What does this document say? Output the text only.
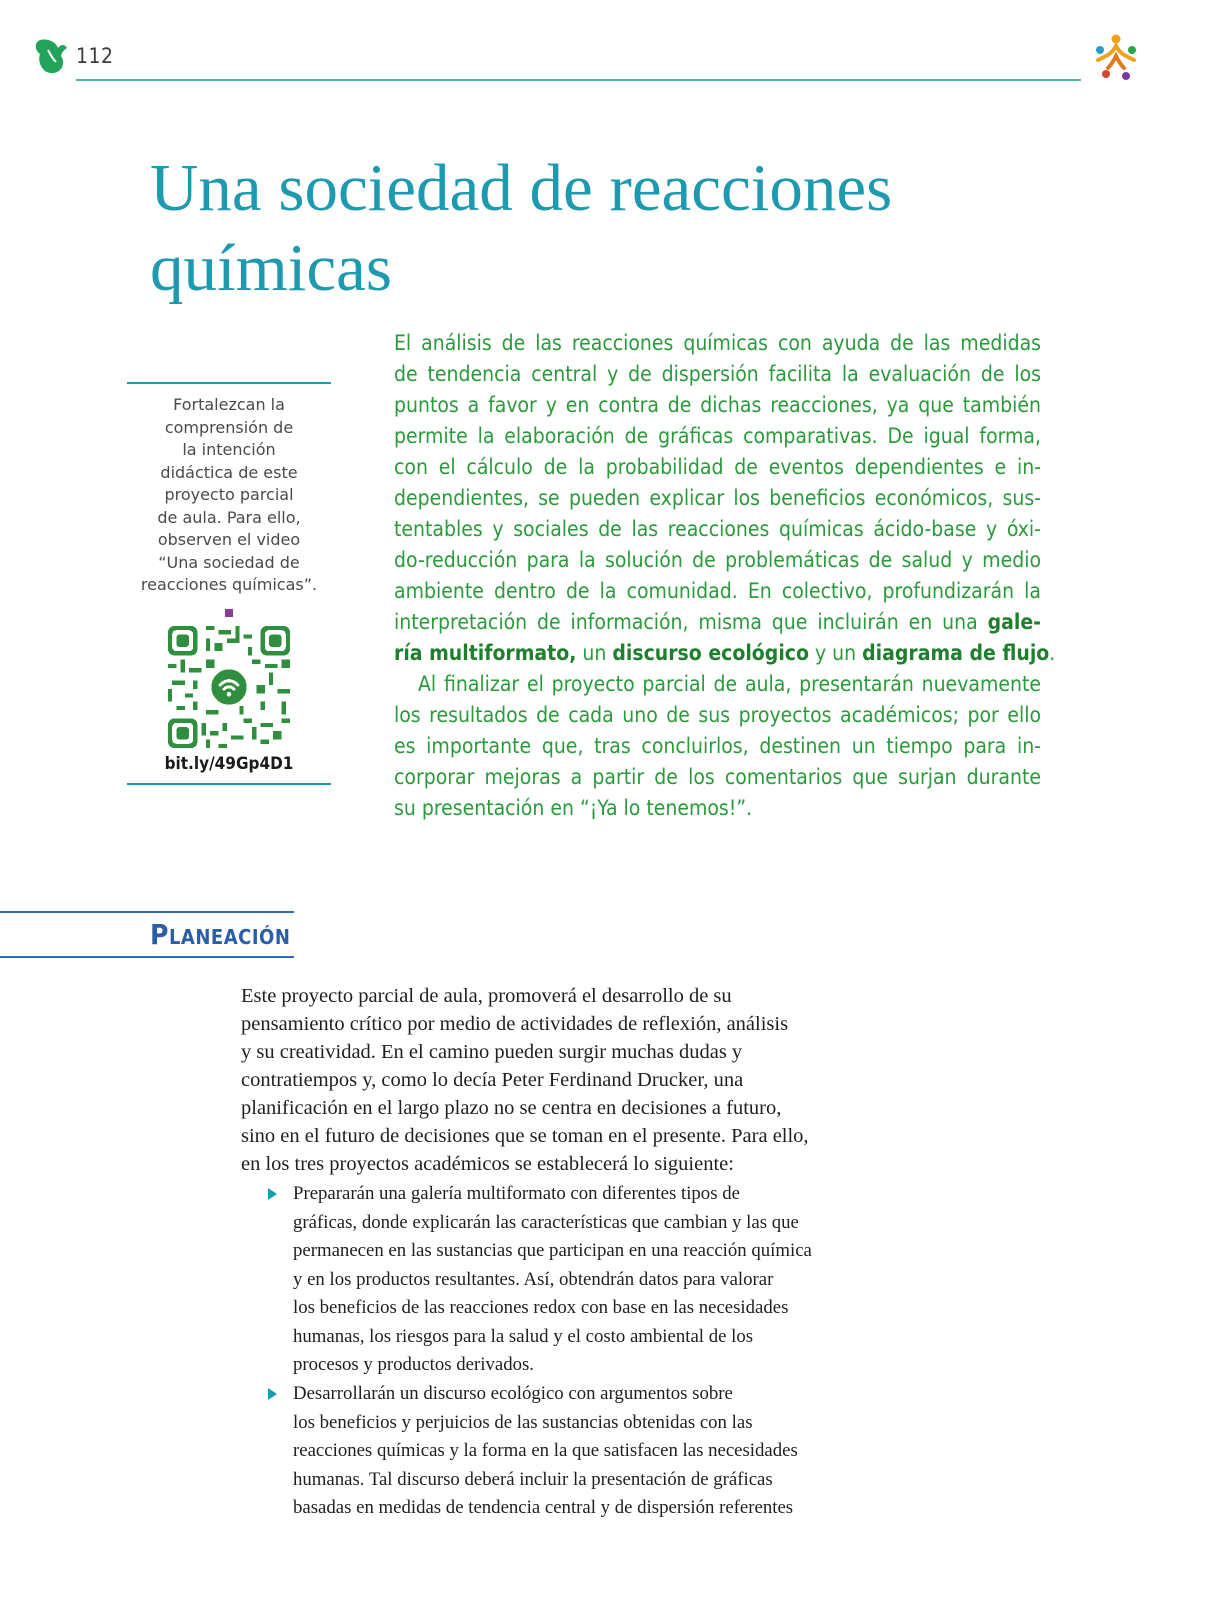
112
Una sociedad de reacciones
químicas
Fortalezcan la
comprensión de
la intención
didáctica de este
proyecto parcial
de aula. Para ello,
observen el video
“Una sociedad de
reacciones químicas”.
bit.ly/49Gp4D1
El análisis de las reacciones químicas con ayuda de las medidas
de tendencia central y de dispersión facilita la evaluación de los
puntos a favor y en contra de dichas reacciones, ya que también
permite la elaboración de gráficas comparativas. De igual forma,
con el cálculo de la probabilidad de eventos dependientes e in-
dependientes, se pueden explicar los beneficios económicos, sus-
tentables y sociales de las reacciones químicas ácido-base y óxi-
do-reducción para la solución de problemáticas de salud y medio
ambiente dentro de la comunidad. En colectivo, profundizarán la
interpretación de información, misma que incluirán en una gale-
ría multiformato, un discurso ecológico y un diagrama de flujo.
Al finalizar el proyecto parcial de aula, presentarán nuevamente
los resultados de cada uno de sus proyectos académicos; por ello
es importante que, tras concluirlos, destinen un tiempo para in-
corporar mejoras a partir de los comentarios que surjan durante
su presentación en “¡Ya lo tenemos!”.
Planeación
Este proyecto parcial de aula, promoverá el desarrollo de su
pensamiento crítico por medio de actividades de reflexión, análisis
y su creatividad. En el camino pueden surgir muchas dudas y
contratiempos y, como lo decía Peter Ferdinand Drucker, una
planificación en el largo plazo no se centra en decisiones a futuro,
sino en el futuro de decisiones que se toman en el presente. Para ello,
en los tres proyectos académicos se establecerá lo siguiente:
Prepararán una galería multiformato con diferentes tipos de
gráficas, donde explicarán las características que cambian y las que
permanecen en las sustancias que participan en una reacción química
y en los productos resultantes. Así, obtendrán datos para valorar
los beneficios de las reacciones redox con base en las necesidades
humanas, los riesgos para la salud y el costo ambiental de los
procesos y productos derivados.
Desarrollarán un discurso ecológico con argumentos sobre
los beneficios y perjuicios de las sustancias obtenidas con las
reacciones químicas y la forma en la que satisfacen las necesidades
humanas. Tal discurso deberá incluir la presentación de gráficas
basadas en medidas de tendencia central y de dispersión referentes
